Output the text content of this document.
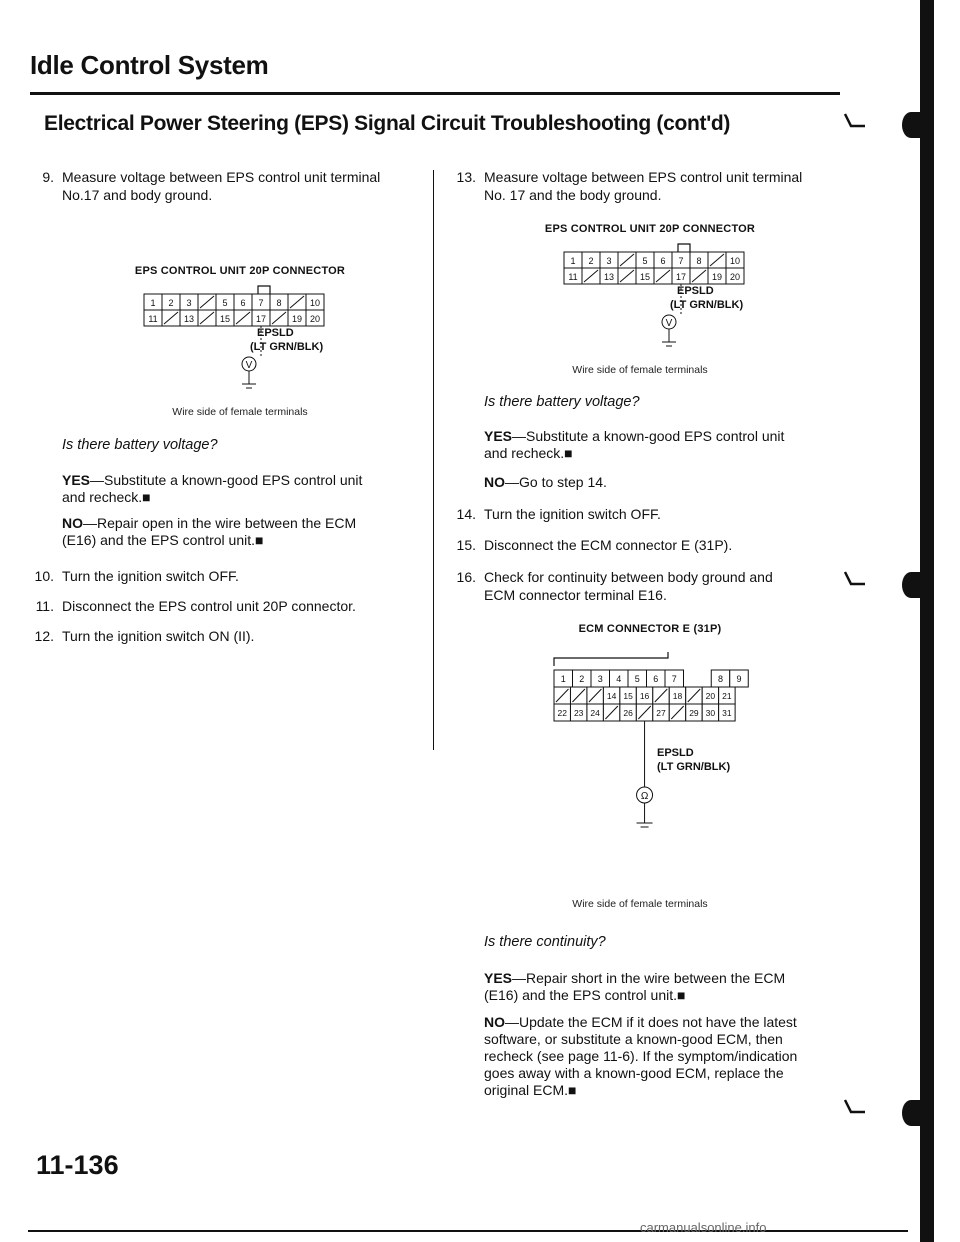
Idle Control System
Electrical Power Steering (EPS) Signal Circuit Troubleshooting (cont'd)
9. Measure voltage between EPS control unit terminal
No.17 and body ground.
EPS CONTROL UNIT 20P CONNECTOR
1 2 3	5 6 7 8	10
11	13	15	17	19 20
V
EPSLD
(LT GRN/BLK)
Wire side of female terminals
Is there battery voltage?
YES—Substitute a known-good EPS control unit
and recheck.■
NO—Repair open in the wire between the ECM
(E16) and the EPS control unit.■
10. Turn the ignition switch OFF.
11. Disconnect the EPS control unit 20P connector.
12. Turn the ignition switch ON (II).
13. Measure voltage between EPS control unit terminal
No. 17 and the body ground.
EPS CONTROL UNIT 20P CONNECTOR
1 2 3	5 6 7 8	10
11	13	15	17	19 20
V
EPSLD
(LT GRN/BLK)
Wire side of female terminals
Is there battery voltage?
YES—Substitute a known-good EPS control unit
and recheck.■
NO—Go to step 14.
14. Turn the ignition switch OFF.
15. Disconnect the ECM connector E (31P).
16. Check for continuity between body ground and
ECM connector terminal E16.
ECM CONNECTOR E (31P)
1 2 3 4 5 6 7	8 9
14 15 16	18	20 21
22 23 24	26	27	29 30 31
Ω
EPSLD
(LT GRN/BLK)
Wire side of female terminals
Is there continuity?
YES—Repair short in the wire between the ECM
(E16) and the EPS control unit.■
NO—Update the ECM if it does not have the latest
software, or substitute a known-good ECM, then
recheck (see page 11-6). If the symptom/indication
goes away with a known-good ECM, replace the
original ECM.■
11-136
carmanualsonline.info
